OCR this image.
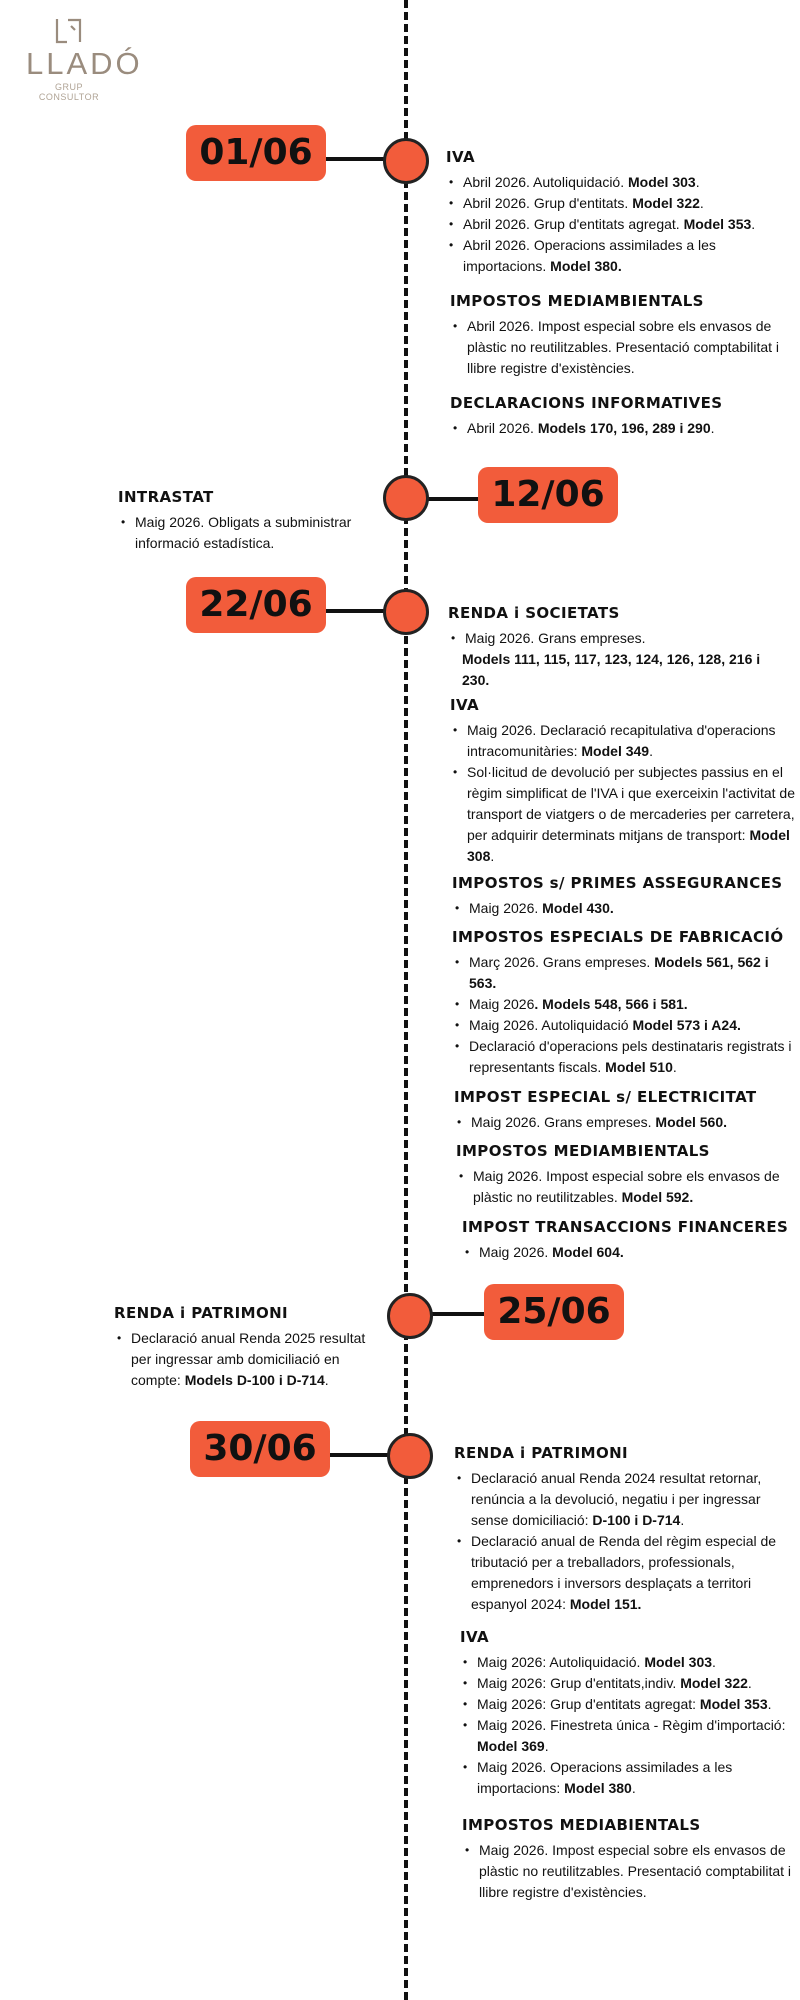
LLADÓ
GRUP CONSULTOR
01/06	IVA
• Abril 2026. Autoliquidació. Model 303.
• Abril 2026. Grup d'entitats. Model 322.
• Abril 2026. Grup d'entitats agregat. Model 353.
• Abril 2026. Operacions assimilades a les importacions. Model 380.
IMPOSTOS MEDIAMBIENTALS
• Abril 2026. Impost especial sobre els envasos de plàstic no reutilitzables. Presentació comptabilitat i llibre registre d'existències.
DECLARACIONS INFORMATIVES
• Abril 2026. Models 170, 196, 289 i 290.
12/06
INTRASTAT
• Maig 2026. Obligats a subministrar informació estadística.
22/06	RENDA i SOCIETATS
• Maig 2026. Grans empreses.
Models 111, 115, 117, 123, 124, 126, 128, 216 i 230.
IVA
• Maig 2026. Declaració recapitulativa d'operacions intracomunitàries: Model 349.
• Sol·licitud de devolució per subjectes passius en el règim simplificat de l'IVA i que exerceixin l'activitat de transport de viatgers o de mercaderies per carretera, per adquirir determinats mitjans de transport: Model 308.
IMPOSTOS s/ PRIMES ASSEGURANCES
• Maig 2026. Model 430.
IMPOSTOS ESPECIALS DE FABRICACIÓ
• Març 2026. Grans empreses. Models 561, 562 i 563.
• Maig 2026. Models 548, 566 i 581.
• Maig 2026. Autoliquidació Model 573 i A24.
• Declaració d'operacions pels destinataris registrats i representants fiscals. Model 510.
IMPOST ESPECIAL s/ ELECTRICITAT
• Maig 2026. Grans empreses. Model 560.
IMPOSTOS MEDIAMBIENTALS
• Maig 2026. Impost especial sobre els envasos de plàstic no reutilitzables. Model 592.
IMPOST TRANSACCIONS FINANCERES
• Maig 2026. Model 604.
25/06
RENDA i PATRIMONI
• Declaració anual Renda 2025 resultat per ingressar amb domiciliació en compte: Models D-100 i D-714.
30/06	RENDA i PATRIMONI
• Declaració anual Renda 2024 resultat retornar, renúncia a la devolució, negatiu i per ingressar sense domiciliació: D-100 i D-714.
• Declaració anual de Renda del règim especial de tributació per a treballadors, professionals, emprenedors i inversors desplaçats a territori espanyol 2024: Model 151.
IVA
• Maig 2026: Autoliquidació. Model 303.
• Maig 2026: Grup d'entitats,indiv. Model 322.
• Maig 2026: Grup d'entitats agregat: Model 353.
• Maig 2026. Finestreta única - Règim d'importació: Model 369.
• Maig 2026. Operacions assimilades a les importacions: Model 380.
IMPOSTOS MEDIABIENTALS
• Maig 2026. Impost especial sobre els envasos de plàstic no reutilitzables. Presentació comptabilitat i llibre registre d'existències.
